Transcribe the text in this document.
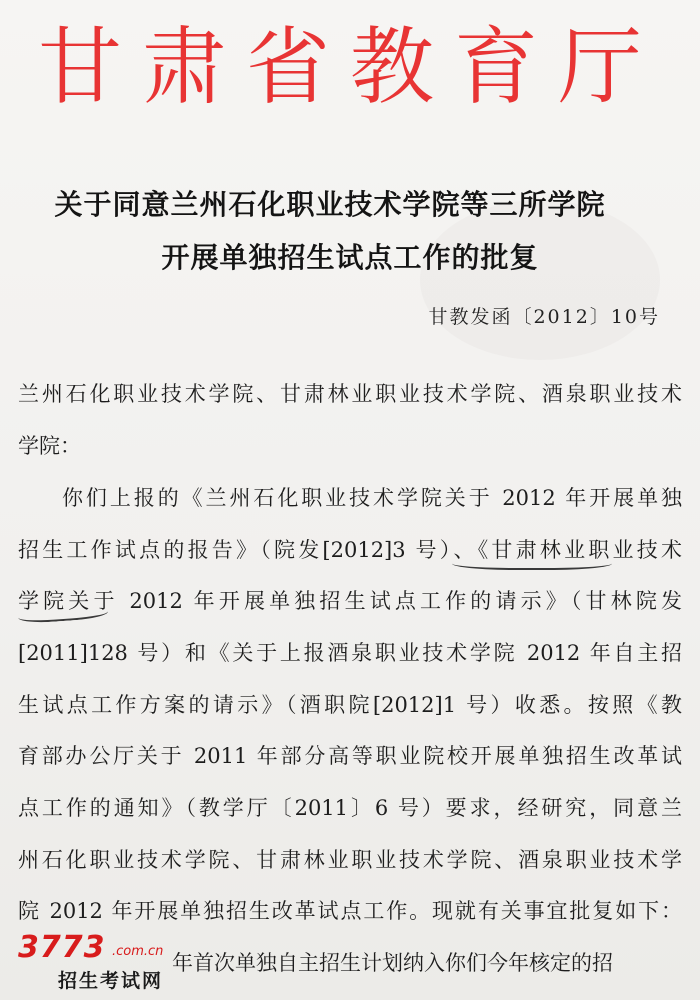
甘肃省教育厅
关于同意兰州石化职业技术学院等三所学院
开展单独招生试点工作的批复
甘教发函〔2012〕10号
兰州石化职业技术学院、甘肃林业职业技术学院、酒泉职业技术
学院：
你们上报的《兰州石化职业技术学院关于 2012 年开展单独
招生工作试点的报告》（院发[2012]3 号）、《甘肃林业职业技术
学院关于 2012 年开展单独招生试点工作的请示》（甘林院发
[2011]128 号）和《关于上报酒泉职业技术学院 2012 年自主招
生试点工作方案的请示》（酒职院[2012]1 号）收悉。按照《教
育部办公厅关于 2011 年部分高等职业院校开展单独招生改革试
点工作的通知》（教学厅〔2011〕6 号）要求，经研究，同意兰
州石化职业技术学院、甘肃林业职业技术学院、酒泉职业技术学
院 2012 年开展单独招生改革试点工作。现就有关事宜批复如下：
年首次单独自主招生计划纳入你们今年核定的招
3773 .com.cn
招生考试网
